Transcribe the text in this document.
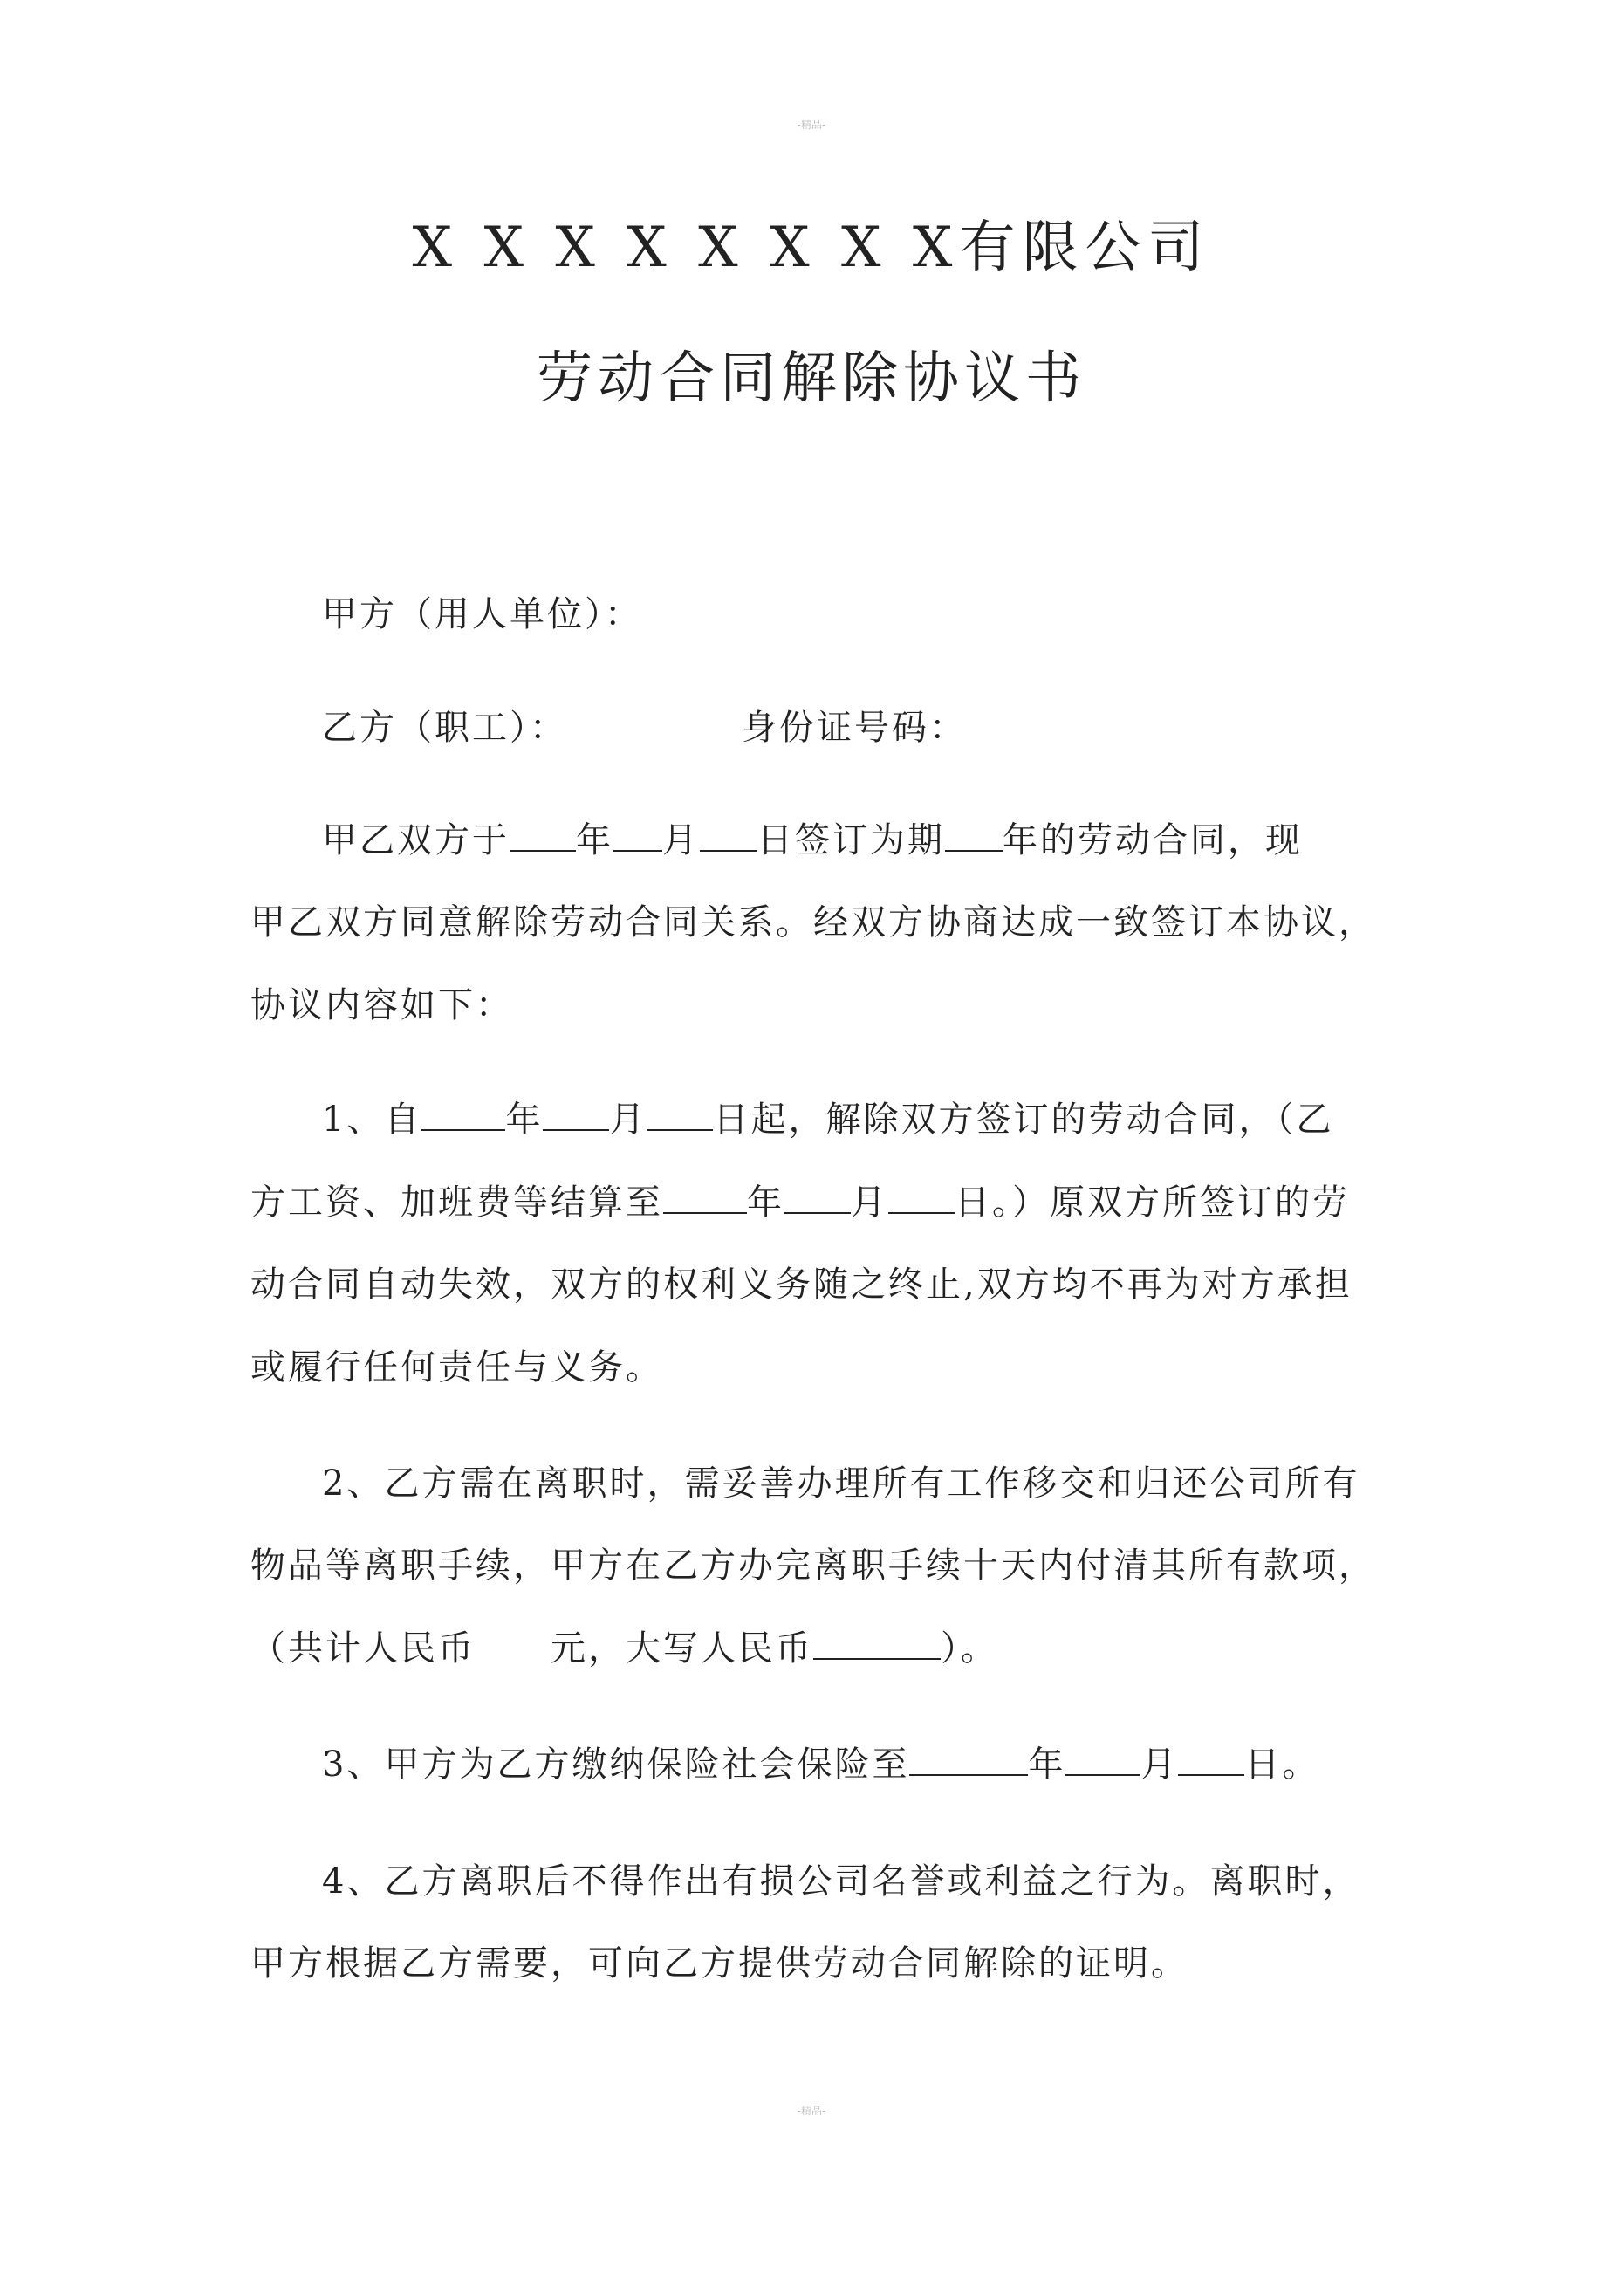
-精品-
X X X X X X X X有限公司
劳动合同解除协议书
甲方（用人单位）：
乙方（职工）：	身份证号码：
甲乙双方于 年 月 日签订为期 年的劳动合同，现
甲乙双方同意解除劳动合同关系。经双方协商达成一致签订本协议，
协议内容如下：
1、自 年 月 日起，解除双方签订的劳动合同，（乙
方工资、加班费等结算至 年 月 日。）原双方所签订的劳
动合同自动失效，双方的权利义务随之终止,双方均不再为对方承担
或履行任何责任与义务。
2、乙方需在离职时，需妥善办理所有工作移交和归还公司所有
物品等离职手续，甲方在乙方办完离职手续十天内付清其所有款项，
（共计人民币 元，大写人民币	）。
3、甲方为乙方缴纳保险社会保险至	年 月 日。
4、乙方离职后不得作出有损公司名誉或利益之行为。离职时，
甲方根据乙方需要，可向乙方提供劳动合同解除的证明。
-精品-
